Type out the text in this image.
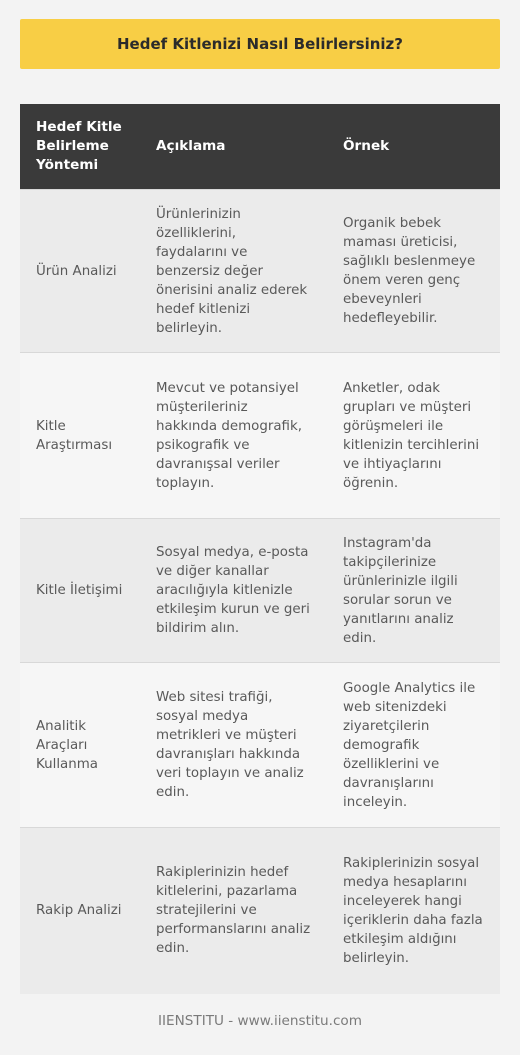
Hedef Kitlenizi Nasıl Belirlersiniz?
Hedef Kitle Belirleme Yöntemi	Açıklama	Örnek
Ürün Analizi	Ürünlerinizin özelliklerini, faydalarını ve benzersiz değer önerisini analiz ederek hedef kitlenizi belirleyin.	Organik bebek maması üreticisi, sağlıklı beslenmeye önem veren genç ebeveynleri hedefleyebilir.
Kitle Araştırması	Mevcut ve potansiyel müşterileriniz hakkında demografik, psikografik ve davranışsal veriler toplayın.	Anketler, odak grupları ve müşteri görüşmeleri ile kitlenizin tercihlerini ve ihtiyaçlarını öğrenin.
Kitle İletişimi	Sosyal medya, e-posta ve diğer kanallar aracılığıyla kitlenizle etkileşim kurun ve geri bildirim alın.	Instagram'da takipçilerinize ürünlerinizle ilgili sorular sorun ve yanıtlarını analiz edin.
Analitik Araçları Kullanma	Web sitesi trafiği, sosyal medya metrikleri ve müşteri davranışları hakkında veri toplayın ve analiz edin.	Google Analytics ile web sitenizdeki ziyaretçilerin demografik özelliklerini ve davranışlarını inceleyin.
Rakip Analizi	Rakiplerinizin hedef kitlelerini, pazarlama stratejilerini ve performanslarını analiz edin.	Rakiplerinizin sosyal medya hesaplarını inceleyerek hangi içeriklerin daha fazla etkileşim aldığını belirleyin.
IIENSTITU - www.iienstitu.com
